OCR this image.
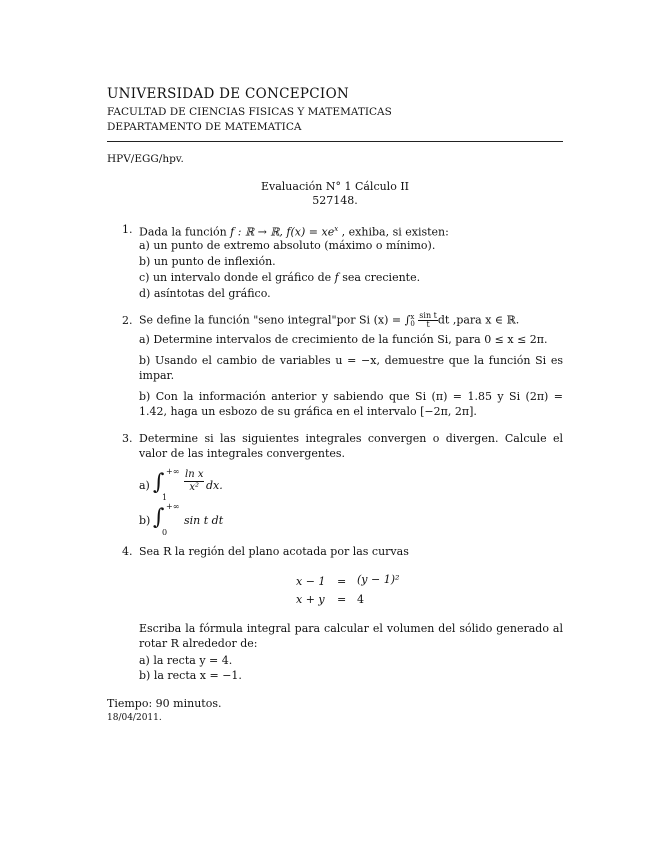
UNIVERSIDAD DE CONCEPCION
FACULTAD DE CIENCIAS FISICAS Y MATEMATICAS
DEPARTAMENTO DE MATEMATICA
HPV/EGG/hpv.
Evaluación N° 1 Cálculo II
527148.
1. Dada la función f : ℝ → ℝ, $f(x) = xe^x$ , exhiba, si existen:
a) un punto de extremo absoluto (máximo o mínimo).
b) un punto de inflexión.
c) un intervalo donde el gráfico de f sea creciente.
d) asíntotas del gráfico.
2. Se define la función "seno integral"por Si (x) = ∫ x
0
$\frac{\text{sin t}}{t}$ dt ,para x ∈ ℝ.
a) Determine intervalos de crecimiento de la función Si, para 0 ≤ x ≤ 2π.
b) Usando el cambio de variables u = −x, demuestre que la función Si es impar.
b) Con la información anterior y sabiendo que Si (π) = 1.85 y Si (2π) = 1.42, haga un esbozo de su gráfica en el intervalo [−2π, 2π].
3. Determine si las siguientes integrales convergen o divergen. Calcule el valor de las integrales convergentes.
a) ∫ +∞
1
$\frac{\text{ln x}}{\text{x²}}$ dx.
b) ∫ +∞
0
sin t dt
4. Sea R la región del plano acotada por las curvas
x − 1 = (y − 1)²
x + y = 4
Escriba la fórmula integral para calcular el volumen del sólido generado al rotar R alrededor de:
a) la recta y = 4.
b) la recta x = −1.
Tiempo: 90 minutos.
18/04/2011.
